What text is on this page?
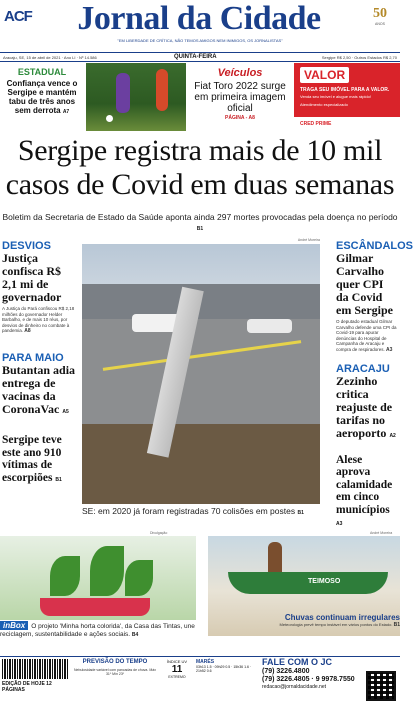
ACF	Jornal da Cidade
"EM LIBERDADE DE CRÍTICA, NÃO TEMOS AMIGOS NEM INIMIGOS, OS JORNALISTAS"
50
ANOS
Aracaju, SE, 15 de abril de 2021 · Ano LI · Nº 14.586	QUINTA-FEIRA	Sergipe R$ 2,50 · Outros Estados R$ 2,70
ESTADUAL
Confiança vence o Sergipe e mantém tabu de três anos sem derrota A7
Veículos
Fiat Toro 2022 surge em primeira imagem oficial
PÁGINA - A8
VALOR
TRAGA SEU IMÓVEL PARA A VALOR.
Venda seu imóvel e alugue mais rápido!
Atendimento especializado
CRED PRIME
Sergipe registra mais de 10 mil casos de Covid em duas semanas
Boletim da Secretaria de Estado da Saúde aponta ainda 297 mortes provocadas pela doença no período B1
DESVIOS
Justiça confisca R$ 2,1 mi de governador

A Justiça do Pará confiscou R$ 2,18 milhões do governador Helder Barbalho, e de mais 10 réus, por desvios de dinheiro no combate à pandemia. A8

PARA MAIO
Butantan adia entrega de vacinas da CoronaVac A5
Sergipe teve este ano 910 vítimas de escorpiões B1
André Moreira
SE: em 2020 já foram registradas 70 colisões em postes B1
ESCÂNDALOS
Gilmar Carvalho quer CPI da Covid em Sergipe

O deputado estadual Gilmar Carvalho defende uma CPI da Covid-19 para apurar denúncias do Hospital de Campanha de Aracaju e compra de respiradores. A3

ARACAJU
Zezinho critica reajuste de tarifas no aeroporto A2
Alese aprova calamidade em cinco municípios A3
Divulgação
inBox O projeto 'Minha horta colorida', da Casa das Tintas, une reciclagem, sustentabilidade e ações sociais. B4
André Moreira
TEIMOSO
Chuvas continuam irregulares
Meteorologia prevê tempo instável em vários pontos do Estado. B1
EDIÇÃO DE HOJE 12 PÁGINAS
PREVISÃO DO TEMPO
Nebulosidade variável com pancadas de chuva. Máx 31º Mín 23º
ÍNDICE UV
11
EXTREMO
MARÉS
03h13 1.5 · 09h29 0.5 · 15h36 1.6 · 21h52 0.6
FALE COM O JC
(79) 3226.4800
(79) 3226.4805 · 9 9978.7550
redacao@jornaldacidade.net
